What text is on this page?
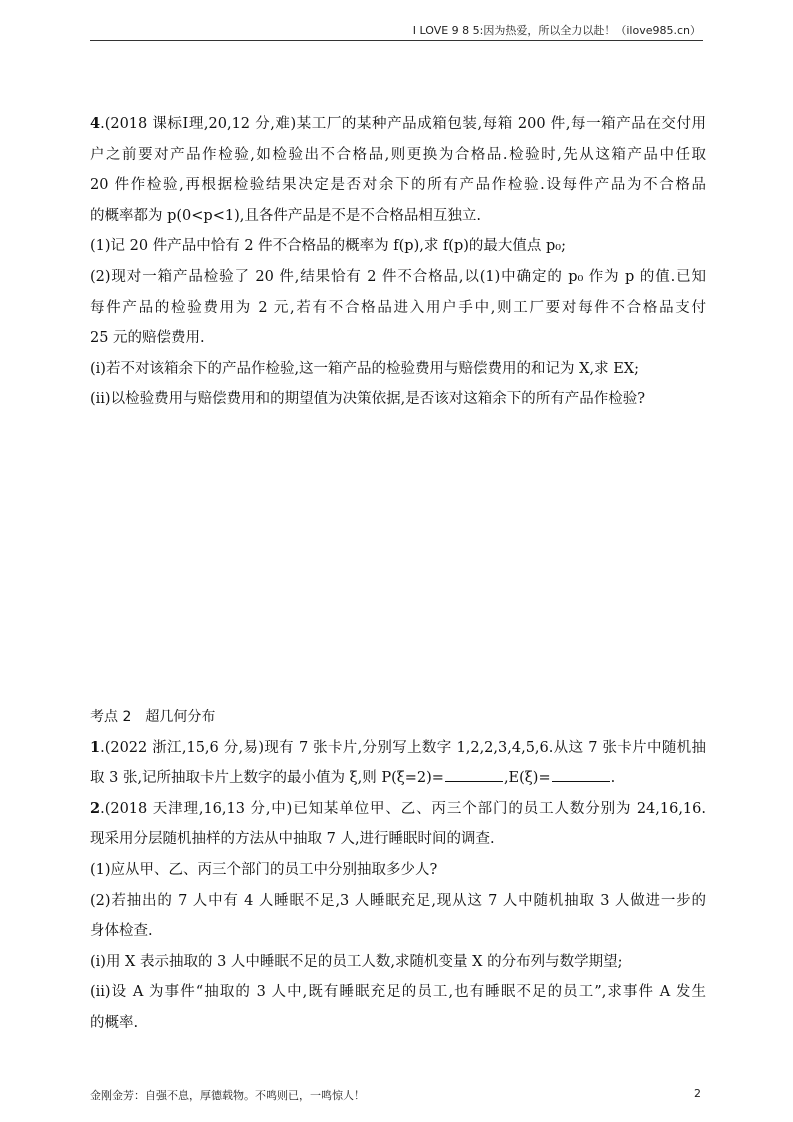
I LOVE 9 8 5:因为热爱，所以全力以赴！（ilove985.cn）
4.(2018 课标Ⅰ理,20,12 分,难)某工厂的某种产品成箱包装,每箱 200 件,每一箱产品在交付用
户之前要对产品作检验,如检验出不合格品,则更换为合格品.检验时,先从这箱产品中任取
20 件作检验,再根据检验结果决定是否对余下的所有产品作检验.设每件产品为不合格品
的概率都为 p(0<p<1),且各件产品是不是不合格品相互独立.
(1)记 20 件产品中恰有 2 件不合格品的概率为 f(p),求 f(p)的最大值点 p₀;
(2)现对一箱产品检验了 20 件,结果恰有 2 件不合格品,以(1)中确定的 p₀ 作为 p 的值.已知
每件产品的检验费用为 2 元,若有不合格品进入用户手中,则工厂要对每件不合格品支付
25 元的赔偿费用.
(i)若不对该箱余下的产品作检验,这一箱产品的检验费用与赔偿费用的和记为 X,求 EX;
(ii)以检验费用与赔偿费用和的期望值为决策依据,是否该对这箱余下的所有产品作检验?
考点 2　超几何分布
1.(2022 浙江,15,6 分,易)现有 7 张卡片,分别写上数字 1,2,2,3,4,5,6.从这 7 张卡片中随机抽
取 3 张,记所抽取卡片上数字的最小值为 ξ,则 P(ξ=2)=	,E(ξ)=	.
2.(2018 天津理,16,13 分,中)已知某单位甲、乙、丙三个部门的员工人数分别为 24,16,16.
现采用分层随机抽样的方法从中抽取 7 人,进行睡眠时间的调查.
(1)应从甲、乙、丙三个部门的员工中分别抽取多少人?
(2)若抽出的 7 人中有 4 人睡眠不足,3 人睡眠充足,现从这 7 人中随机抽取 3 人做进一步的
身体检查.
(i)用 X 表示抽取的 3 人中睡眠不足的员工人数,求随机变量 X 的分布列与数学期望;
(ii)设 A 为事件“抽取的 3 人中,既有睡眠充足的员工,也有睡眠不足的员工”,求事件 A 发生
的概率.
金刚金芳：自强不息，厚德载物。不鸣则已，一鸣惊人！	2
